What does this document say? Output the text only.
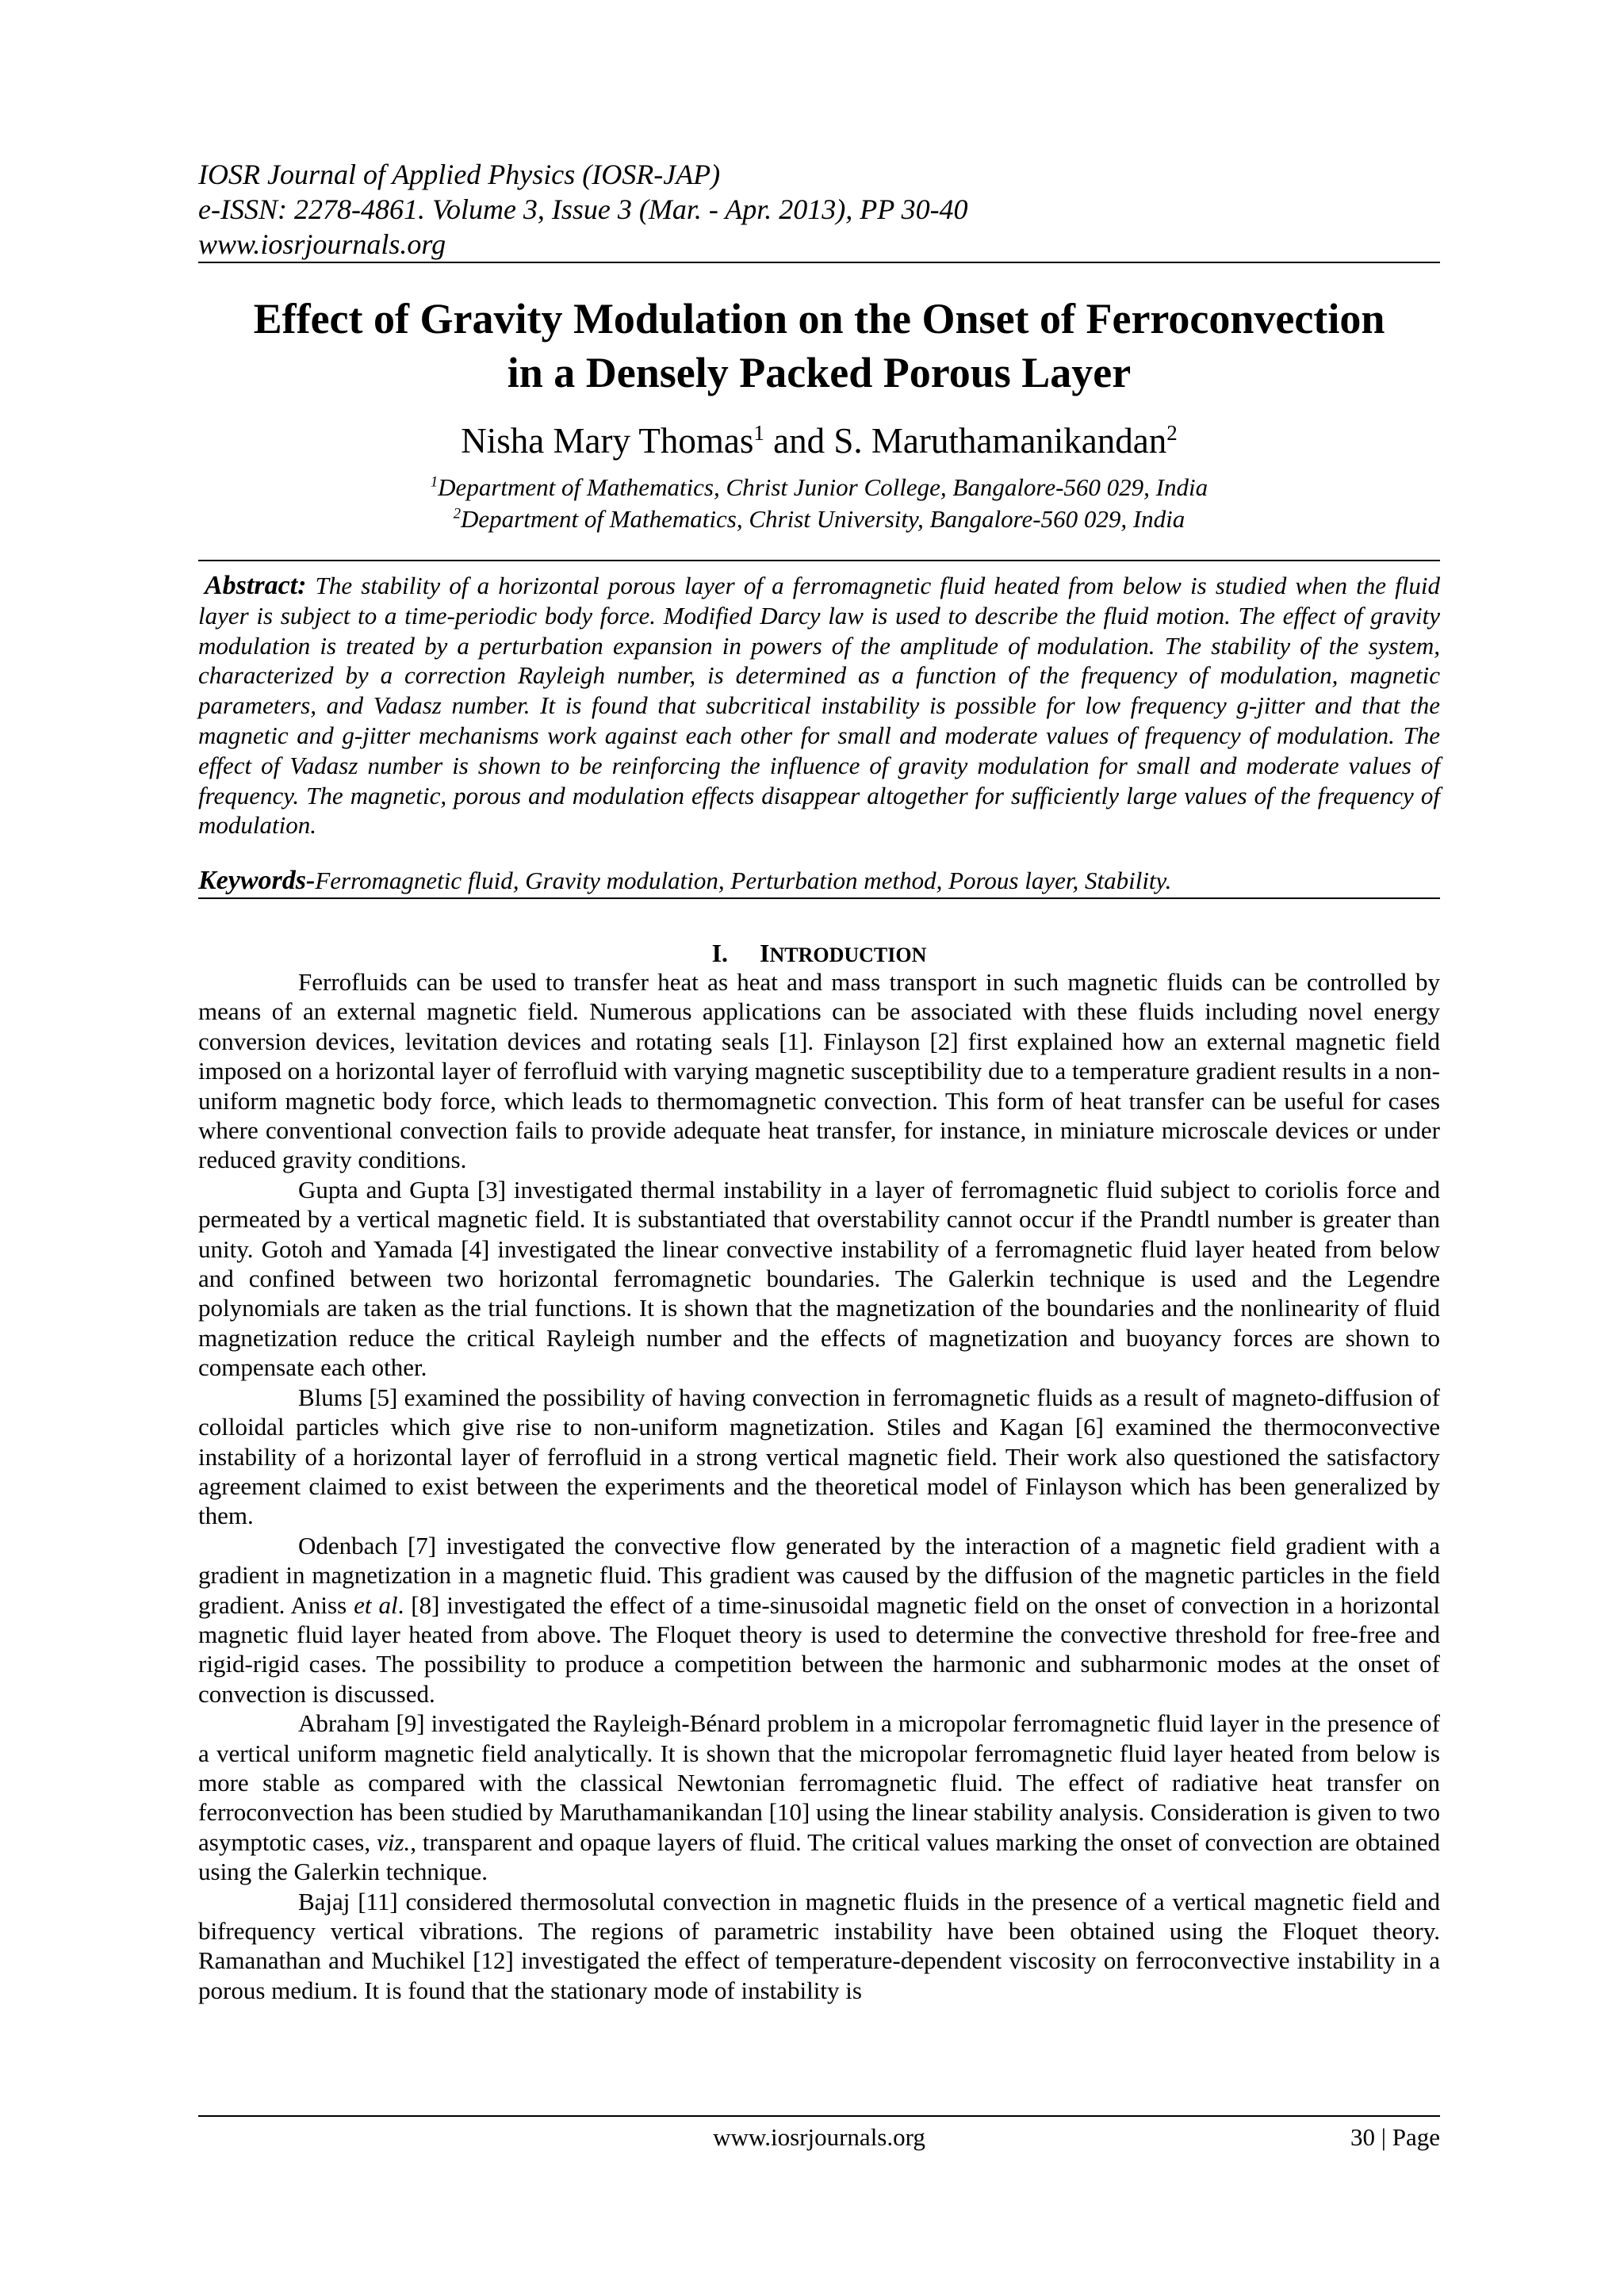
IOSR Journal of Applied Physics (IOSR-JAP)
e-ISSN: 2278-4861. Volume 3, Issue 3 (Mar. - Apr. 2013), PP 30-40
www.iosrjournals.org
Effect of Gravity Modulation on the Onset of Ferroconvection
in a Densely Packed Porous Layer
Nisha Mary Thomas$^1$ and S. Maruthamanikandan$^2$
$^1$Department of Mathematics, Christ Junior College, Bangalore-560 029, India
$^2$Department of Mathematics, Christ University, Bangalore-560 029, India
Abstract: The stability of a horizontal porous layer of a ferromagnetic fluid heated from below is studied when the fluid layer is subject to a time-periodic body force. Modified Darcy law is used to describe the fluid motion. The effect of gravity modulation is treated by a perturbation expansion in powers of the amplitude of modulation. The stability of the system, characterized by a correction Rayleigh number, is determined as a function of the frequency of modulation, magnetic parameters, and Vadasz number. It is found that subcritical instability is possible for low frequency g-jitter and that the magnetic and g-jitter mechanisms work against each other for small and moderate values of frequency of modulation. The effect of Vadasz number is shown to be reinforcing the influence of gravity modulation for small and moderate values of frequency. The magnetic, porous and modulation effects disappear altogether for sufficiently large values of the frequency of modulation.
Keywords-Ferromagnetic fluid, Gravity modulation, Perturbation method, Porous layer, Stability.
I. INTRODUCTION

Ferrofluids can be used to transfer heat as heat and mass transport in such magnetic fluids can be controlled by means of an external magnetic field. Numerous applications can be associated with these fluids including novel energy conversion devices, levitation devices and rotating seals [1]. Finlayson [2] first explained how an external magnetic field imposed on a horizontal layer of ferrofluid with varying magnetic susceptibility due to a temperature gradient results in a non-uniform magnetic body force, which leads to thermomagnetic convection. This form of heat transfer can be useful for cases where conventional convection fails to provide adequate heat transfer, for instance, in miniature microscale devices or under reduced gravity conditions.

Gupta and Gupta [3] investigated thermal instability in a layer of ferromagnetic fluid subject to coriolis force and permeated by a vertical magnetic field. It is substantiated that overstability cannot occur if the Prandtl number is greater than unity. Gotoh and Yamada [4] investigated the linear convective instability of a ferromagnetic fluid layer heated from below and confined between two horizontal ferromagnetic boundaries. The Galerkin technique is used and the Legendre polynomials are taken as the trial functions. It is shown that the magnetization of the boundaries and the nonlinearity of fluid magnetization reduce the critical Rayleigh number and the effects of magnetization and buoyancy forces are shown to compensate each other.

Blums [5] examined the possibility of having convection in ferromagnetic fluids as a result of magneto-diffusion of colloidal particles which give rise to non-uniform magnetization. Stiles and Kagan [6] examined the thermoconvective instability of a horizontal layer of ferrofluid in a strong vertical magnetic field. Their work also questioned the satisfactory agreement claimed to exist between the experiments and the theoretical model of Finlayson which has been generalized by them.

Odenbach [7] investigated the convective flow generated by the interaction of a magnetic field gradient with a gradient in magnetization in a magnetic fluid. This gradient was caused by the diffusion of the magnetic particles in the field gradient. Aniss et al. [8] investigated the effect of a time-sinusoidal magnetic field on the onset of convection in a horizontal magnetic fluid layer heated from above. The Floquet theory is used to determine the convective threshold for free-free and rigid-rigid cases. The possibility to produce a competition between the harmonic and subharmonic modes at the onset of convection is discussed.

Abraham [9] investigated the Rayleigh-Bénard problem in a micropolar ferromagnetic fluid layer in the presence of a vertical uniform magnetic field analytically. It is shown that the micropolar ferromagnetic fluid layer heated from below is more stable as compared with the classical Newtonian ferromagnetic fluid. The effect of radiative heat transfer on ferroconvection has been studied by Maruthamanikandan [10] using the linear stability analysis. Consideration is given to two asymptotic cases, viz., transparent and opaque layers of fluid. The critical values marking the onset of convection are obtained using the Galerkin technique.

Bajaj [11] considered thermosolutal convection in magnetic fluids in the presence of a vertical magnetic field and bifrequency vertical vibrations. The regions of parametric instability have been obtained using the Floquet theory. Ramanathan and Muchikel [12] investigated the effect of temperature-dependent viscosity on ferroconvective instability in a porous medium. It is found that the stationary mode of instability is

www.iosrjournals.org	30 | Page
